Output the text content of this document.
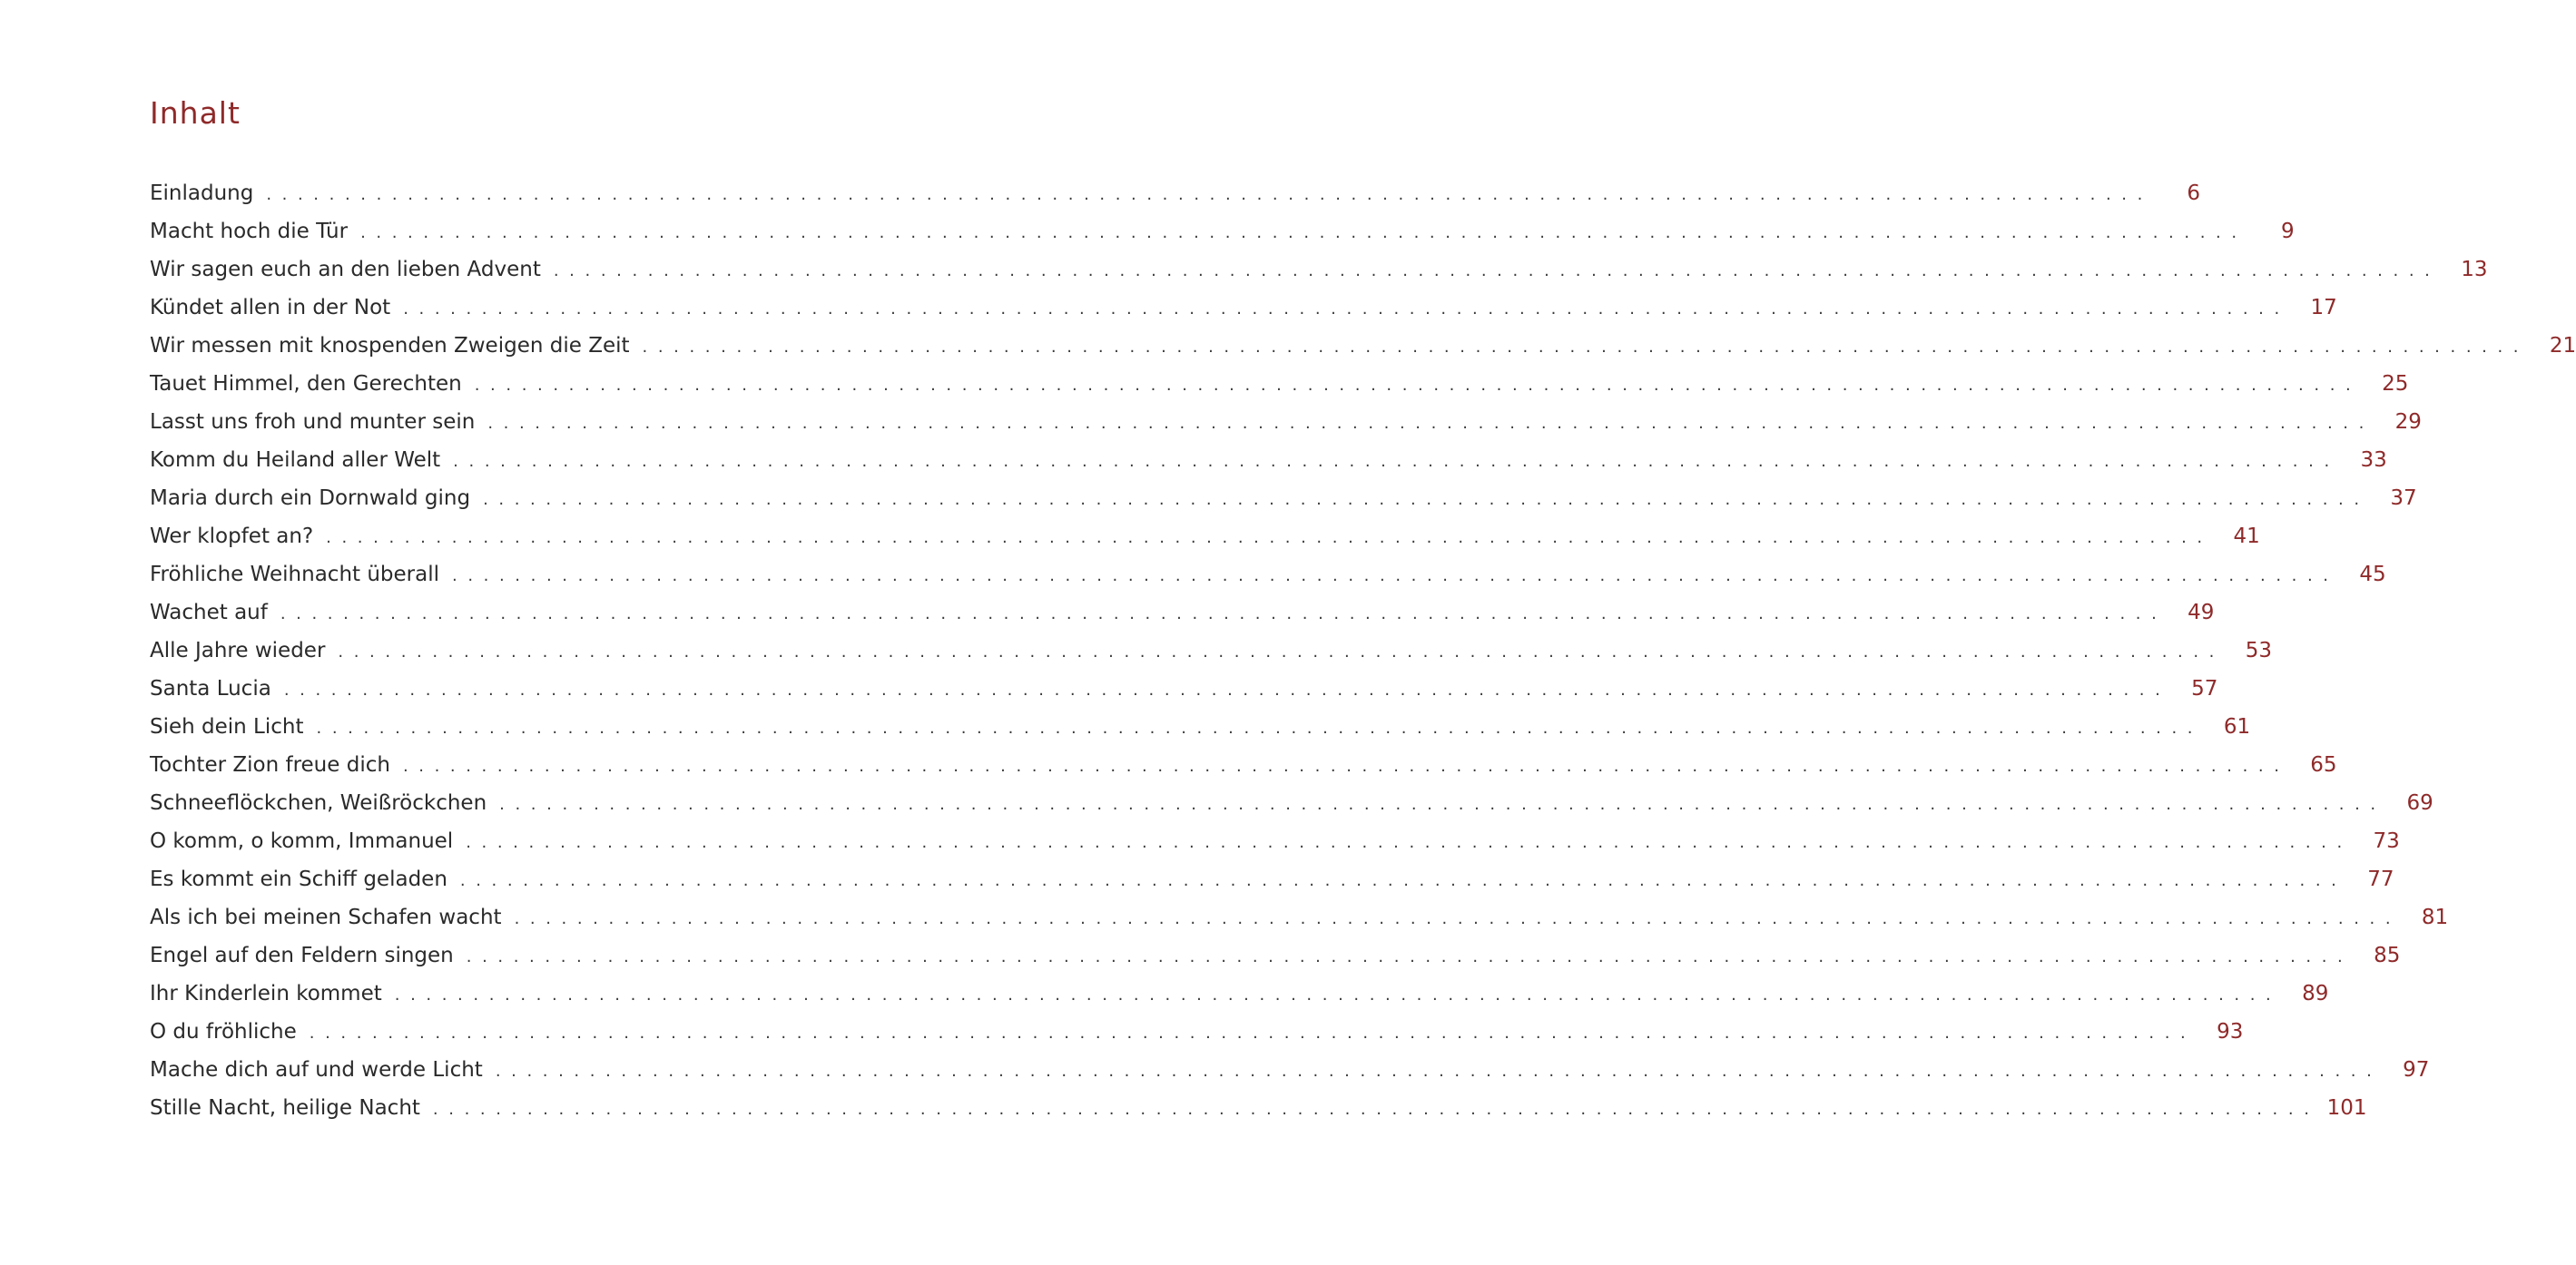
Inhalt
Einladung ........................................................................................................................	6
Macht hoch die Tür ........................................................................................................................	9
Wir sagen euch an den lieben Advent ........................................................................................................................ 13
Kündet allen in der Not ........................................................................................................................ 17
Wir messen mit knospenden Zweigen die Zeit ........................................................................................................................ 21
Tauet Himmel, den Gerechten ........................................................................................................................ 25
Lasst uns froh und munter sein ........................................................................................................................ 29
Komm du Heiland aller Welt ........................................................................................................................ 33
Maria durch ein Dornwald ging ........................................................................................................................ 37
Wer klopfet an? ........................................................................................................................ 41
Fröhliche Weihnacht überall ........................................................................................................................ 45
Wachet auf ........................................................................................................................ 49
Alle Jahre wieder ........................................................................................................................ 53
Santa Lucia ........................................................................................................................ 57
Sieh dein Licht ........................................................................................................................ 61
Tochter Zion freue dich ........................................................................................................................ 65
Schneeflöckchen, Weißröckchen ........................................................................................................................ 69
O komm, o komm, Immanuel ........................................................................................................................ 73
Es kommt ein Schiff geladen ........................................................................................................................ 77
Als ich bei meinen Schafen wacht ........................................................................................................................ 81
Engel auf den Feldern singen ........................................................................................................................ 85
Ihr Kinderlein kommet ........................................................................................................................ 89
O du fröhliche ........................................................................................................................ 93
Mache dich auf und werde Licht ........................................................................................................................ 97
Stille Nacht, heilige Nacht ........................................................................................................................ 101
